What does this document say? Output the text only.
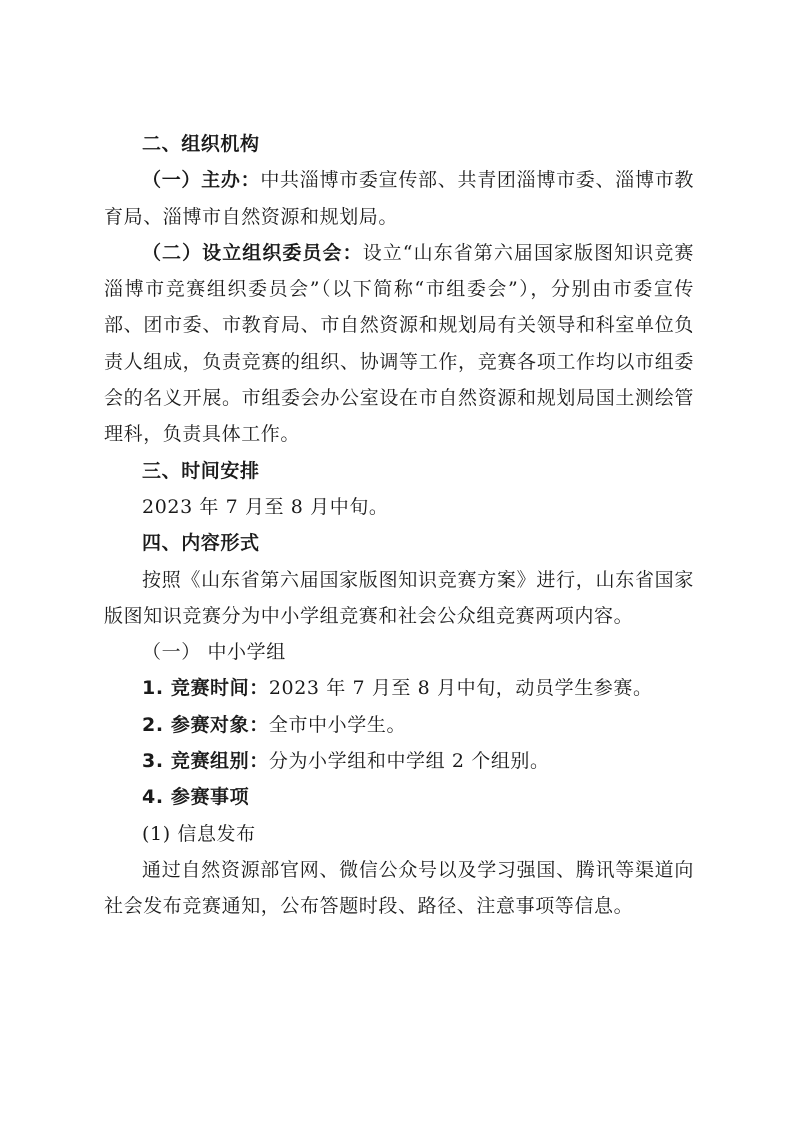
二、组织机构

（一）主办：中共淄博市委宣传部、共青团淄博市委、淄博市教育局、淄博市自然资源和规划局。

（二）设立组织委员会：设立“山东省第六届国家版图知识竞赛淄博市竞赛组织委员会”（以下简称“市组委会”），分别由市委宣传部、团市委、市教育局、市自然资源和规划局有关领导和科室单位负责人组成，负责竞赛的组织、协调等工作，竞赛各项工作均以市组委会的名义开展。市组委会办公室设在市自然资源和规划局国土测绘管理科，负责具体工作。

三、时间安排

2023 年 7 月至 8 月中旬。

四、内容形式

按照《山东省第六届国家版图知识竞赛方案》进行，山东省国家版图知识竞赛分为中小学组竞赛和社会公众组竞赛两项内容。

（一） 中小学组

1. 竞赛时间：2023 年 7 月至 8 月中旬，动员学生参赛。

2. 参赛对象：全市中小学生。

3. 竞赛组别：分为小学组和中学组 2 个组别。

4. 参赛事项

(1) 信息发布

通过自然资源部官网、微信公众号以及学习强国、腾讯等渠道向社会发布竞赛通知，公布答题时段、路径、注意事项等信息。
